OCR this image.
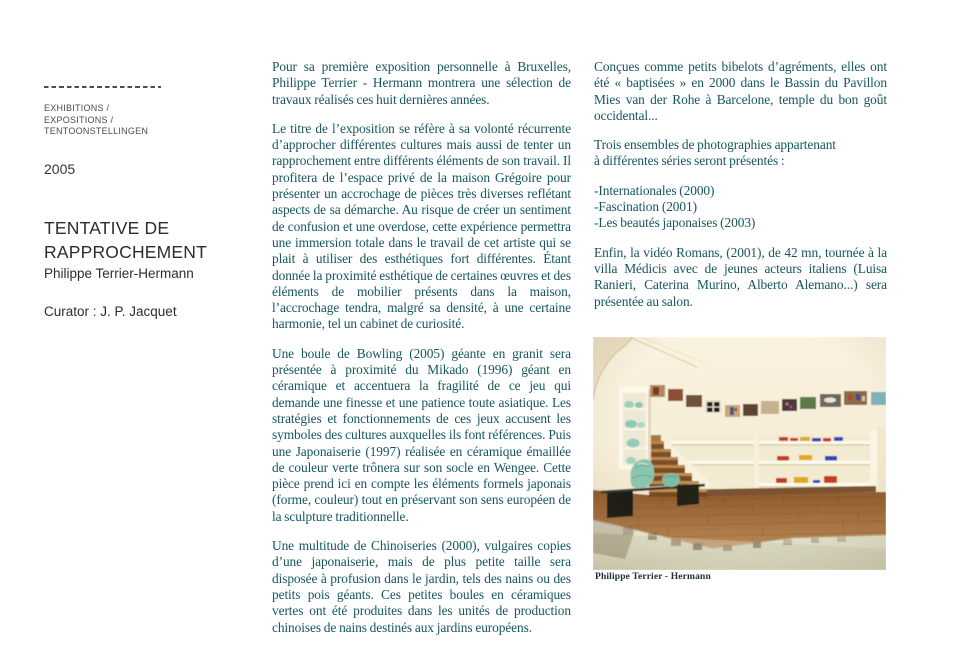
EXHIBITIONS /
EXPOSITIONS /
TENTOONSTELLINGEN
2005
TENTATIVE DE
RAPPROCHEMENT
Philippe Terrier-Hermann
Curator : J. P. Jacquet

Pour sa première exposition personnelle à Bruxelles, Philippe Terrier - Hermann montrera une sélection de travaux réalisés ces huit dernières années.

Le titre de l’exposition se réfère à sa volonté récurrente d’approcher différentes cultures mais aussi de tenter un rapprochement entre différents éléments de son travail. Il profitera de l’espace privé de la maison Grégoire pour présenter un accrochage de pièces très diverses reflétant aspects de sa démarche. Au risque de créer un sentiment de confusion et une overdose, cette expérience permettra une immersion totale dans le travail de cet artiste qui se plait à utiliser des esthétiques fort différentes. Étant donnée la proximité esthétique de certaines œuvres et des éléments de mobilier présents dans la maison, l’accrochage tendra, malgré sa densité, à une certaine harmonie, tel un cabinet de curiosité.

Une boule de Bowling (2005) géante en granit sera présentée à proximité du Mikado (1996) géant en céramique et accentuera la fragilité de ce jeu qui demande une finesse et une patience toute asiatique. Les stratégies et fonctionnements de ces jeux accusent les symboles des cultures auxquelles ils font références. Puis une Japonaiserie (1997) réalisée en céramique émaillée de couleur verte trônera sur son socle en Wengee. Cette pièce prend ici en compte les éléments formels japonais (forme, couleur) tout en préservant son sens européen de la sculpture traditionnelle.

Une multitude de Chinoiseries (2000), vulgaires copies d’une japonaiserie, mais de plus petite taille sera disposée à profusion dans le jardin, tels des nains ou des petits pois géants. Ces petites boules en céramiques vertes ont été produites dans les unités de production chinoises de nains destinés aux jardins européens.

Conçues comme petits bibelots d’agréments, elles ont été « baptisées » en 2000 dans le Bassin du Pavillon Mies van der Rohe à Barcelone, temple du bon goût occidental...

Trois ensembles de photographies appartenant
à différentes séries seront présentés :

-Internationales (2000)
-Fascination (2001)
-Les beautés japonaises (2003)

Enfin, la vidéo Romans, (2001), de 42 mn, tournée à la villa Médicis avec de jeunes acteurs italiens (Luisa Ranieri, Caterina Murino, Alberto Alemano...) sera présentée au salon.

Philippe Terrier - Hermann
